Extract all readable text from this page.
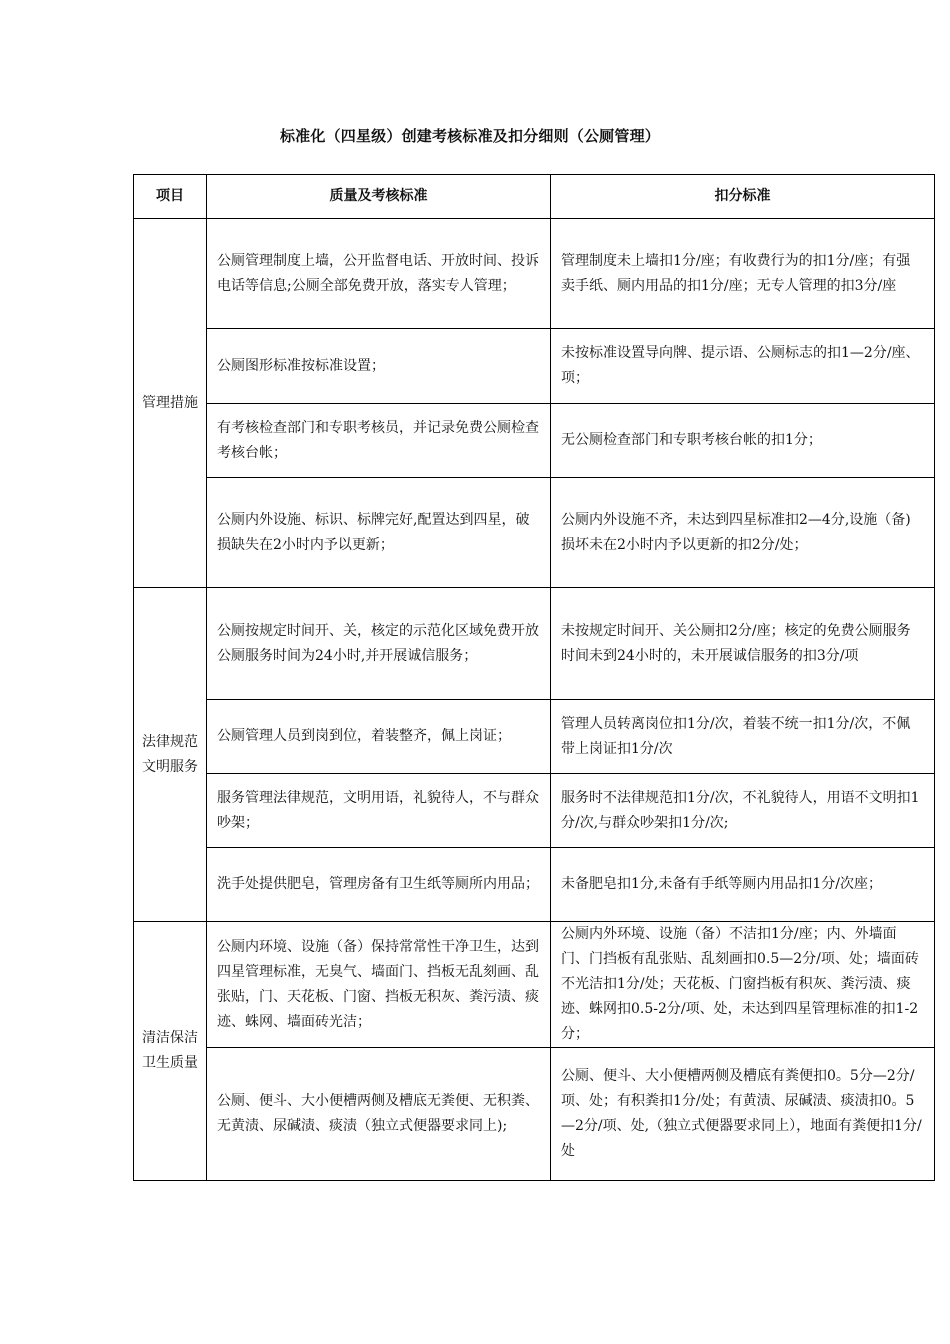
标准化（四星级）创建考核标准及扣分细则（公厕管理）
项目	质量及考核标准	扣分标准
管理措施	公厕管理制度上墙，公开监督电话、开放时间、投诉电话等信息;公厕全部免费开放，落实专人管理；	管理制度未上墙扣1分/座；有收费行为的扣1分/座；有强卖手纸、厕内用品的扣1分/座；无专人管理的扣3分/座
	公厕图形标准按标准设置；	未按标准设置导向牌、提示语、公厕标志的扣1—2分/座、项；
	有考核检查部门和专职考核员，并记录免费公厕检查考核台帐；	无公厕检查部门和专职考核台帐的扣1分；
	公厕内外设施、标识、标牌完好,配置达到四星，破损缺失在2小时内予以更新；	公厕内外设施不齐，未达到四星标准扣2—4分,设施（备)损坏未在2小时内予以更新的扣2分/处；
法律规范文明服务	公厕按规定时间开、关，核定的示范化区域免费开放公厕服务时间为24小时,并开展诚信服务；	未按规定时间开、关公厕扣2分/座；核定的免费公厕服务时间未到24小时的，未开展诚信服务的扣3分/项
	公厕管理人员到岗到位，着装整齐，佩上岗证；	管理人员转离岗位扣1分/次，着装不统一扣1分/次，不佩带上岗证扣1分/次
	服务管理法律规范，文明用语，礼貌待人，不与群众吵架；	服务时不法律规范扣1分/次，不礼貌待人，用语不文明扣1分/次,与群众吵架扣1分/次;
	洗手处提供肥皂，管理房备有卫生纸等厕所内用品；	未备肥皂扣1分,未备有手纸等厕内用品扣1分/次座；
清洁保洁卫生质量	公厕内环境、设施（备）保持常常性干净卫生，达到四星管理标准，无臭气、墙面门、挡板无乱刻画、乱张贴，门、天花板、门窗、挡板无积灰、粪污渍、痰迹、蛛网、墙面砖光洁；	公厕内外环境、设施（备）不洁扣1分/座；内、外墙面门、门挡板有乱张贴、乱刻画扣0.5—2分/项、处；墙面砖不光洁扣1分/处；天花板、门窗挡板有积灰、粪污渍、痰迹、蛛网扣0.5-2分/项、处，未达到四星管理标准的扣1-2分；
	公厕、便斗、大小便槽两侧及槽底无粪便、无积粪、无黄渍、尿碱渍、痰渍（独立式便器要求同上);	公厕、便斗、大小便槽两侧及槽底有粪便扣0。5分—2分/项、处；有积粪扣1分/处；有黄渍、尿碱渍、痰渍扣0。5—2分/项、处,（独立式便器要求同上），地面有粪便扣1分/处
